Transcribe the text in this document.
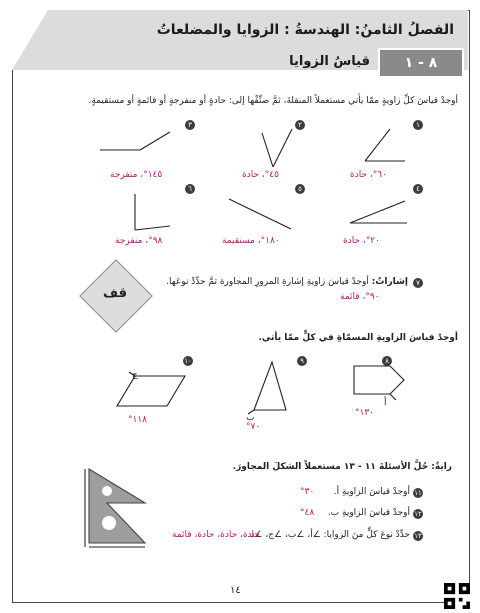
الفصلُ الثامنُ: الهندسةُ : الزوايا والمضلعاتُ
قياسُ الزوايا	٨ - ١
أوجدْ قياسَ كلِّ زاويةٍ ممّا يأتي مستعملاً المنقلةَ، ثمَّ صنِّفْها إلى: حادةٍ أو منفرجةٍ أو قائمةٍ أو مستقيمةٍ.
١
٦٠°، حادة
٢
٤٥°، حادة
٣
١٤٥°، منفرجة
٤
٢٠°، حادة
٥
١٨٠°، مستقيمة
٦
٩٨°، منفرجة
٧
إشاراتٌ: أوجدْ قياسَ زاويةِ إشارةِ المرورِ المجاورة ثمَّ حدِّدْ نوعَها.
٩٠°، قائمة
قف
أوجدْ قياسَ الزاويةِ المسمّاةِ في كلٍّ ممّا يأتي.
٨
أ
١٣٠°
٩
ب
٧٠°
١٠
ج
١١٨°
رايةٌ: حُلَّ الأسئلةَ ١١ - ١٣ مستعملاً الشكلَ المجاورَ.
١١
أوجدْ قياسَ الزاويةِ أ.
٣٠°
١٢
أوجدْ قياسَ الزاويةِ ب.
٤٨°
١٣
حدِّدْ نوعَ كلٍّ منَ الزوايا: ∠أ، ∠ب، ∠ج، ∠د.
حادة، حادة، حادة، قائمة
١٤
